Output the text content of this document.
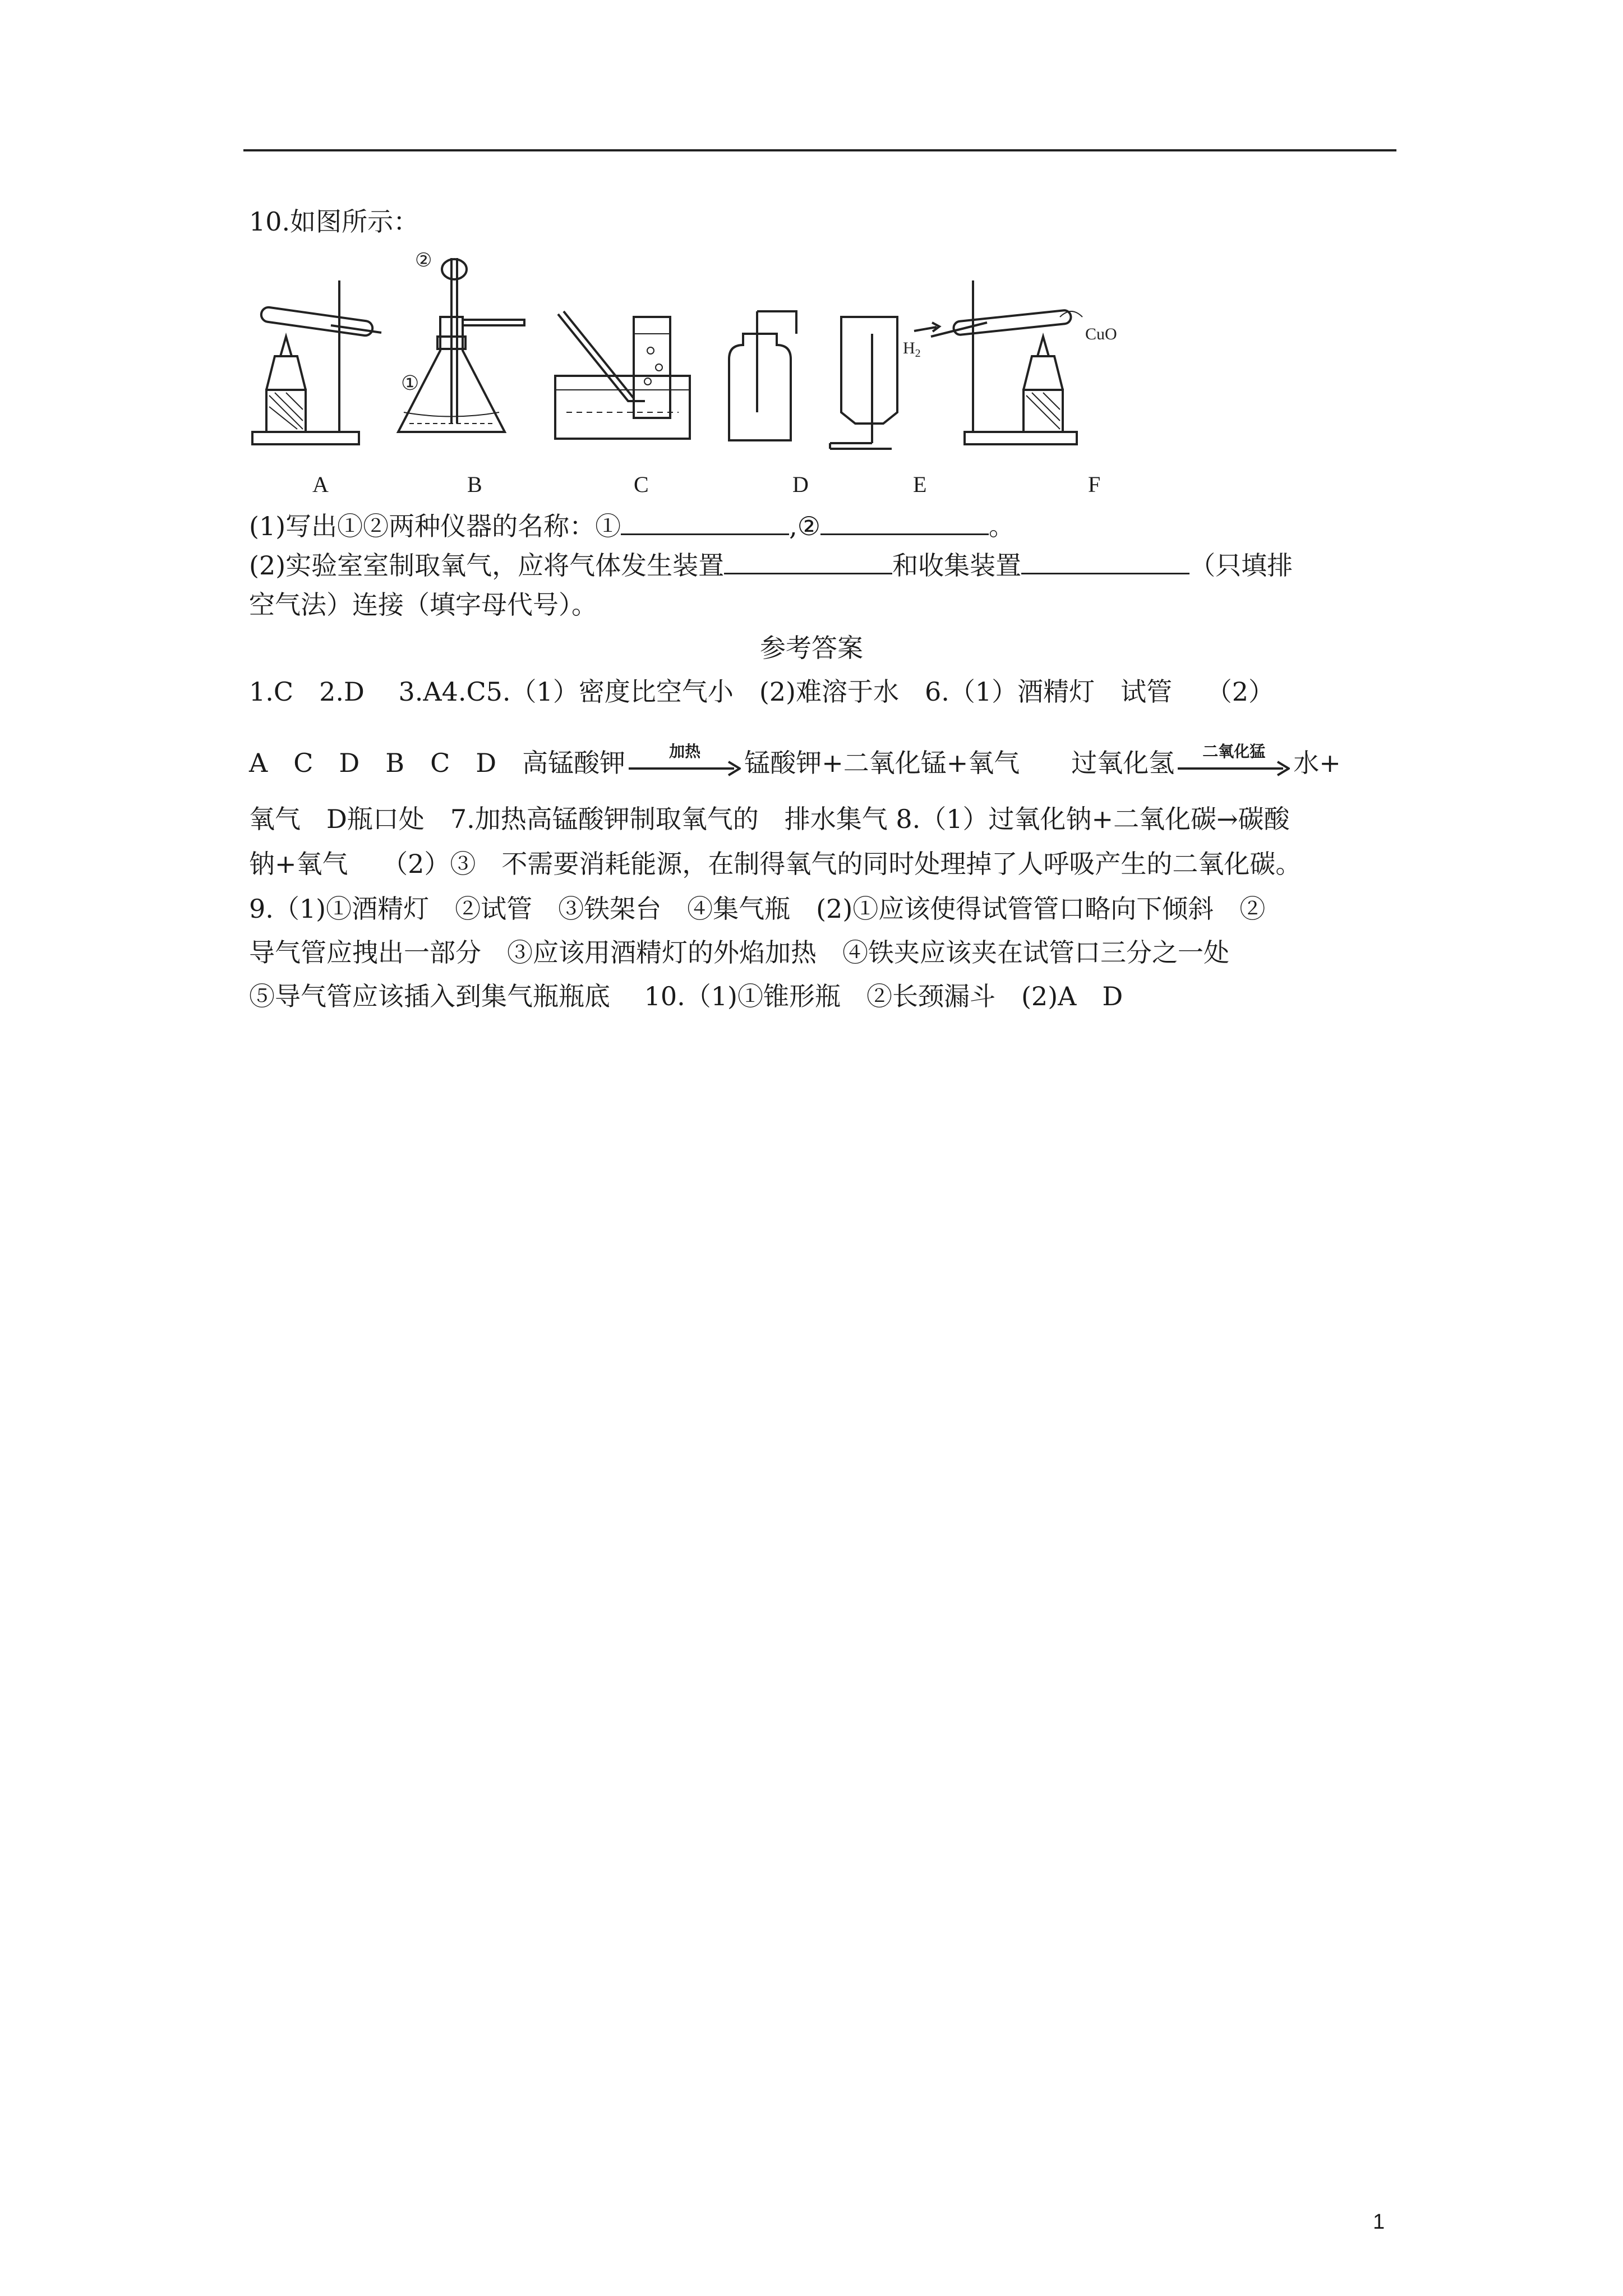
10.如图所示：
②
①
$H_2$
CuO
A	B	C	D	E	F
(1)写出①②两种仪器的名称：①	,②	。
(2)实验室室制取氧气，应将气体发生装置	和收集装置	（只填排
空气法）连接（填字母代号）。
参考答案
1.C　2.D　 3.A4.C5.（1）密度比空气小　(2)难溶于水　6.（1）酒精灯　试管　 （2）
A　C　D　B　C　D　高锰酸钾	加热	锰酸钾+二氧化锰+氧气　　过氧化氢	二氧化猛	水+
氧气　D瓶口处　7.加热高锰酸钾制取氧气的　排水集气 8.（1）过氧化钠+二氧化碳→碳酸
钠+氧气　 （2）③　不需要消耗能源，在制得氧气的同时处理掉了人呼吸产生的二氧化碳。
9.（1)①酒精灯　②试管　③铁架台　④集气瓶　(2)①应该使得试管管口略向下倾斜　②
导气管应拽出一部分　③应该用酒精灯的外焰加热　④铁夹应该夹在试管口三分之一处
⑤导气管应该插入到集气瓶瓶底　 10.（1)①锥形瓶　②长颈漏斗　(2)A　D
1
